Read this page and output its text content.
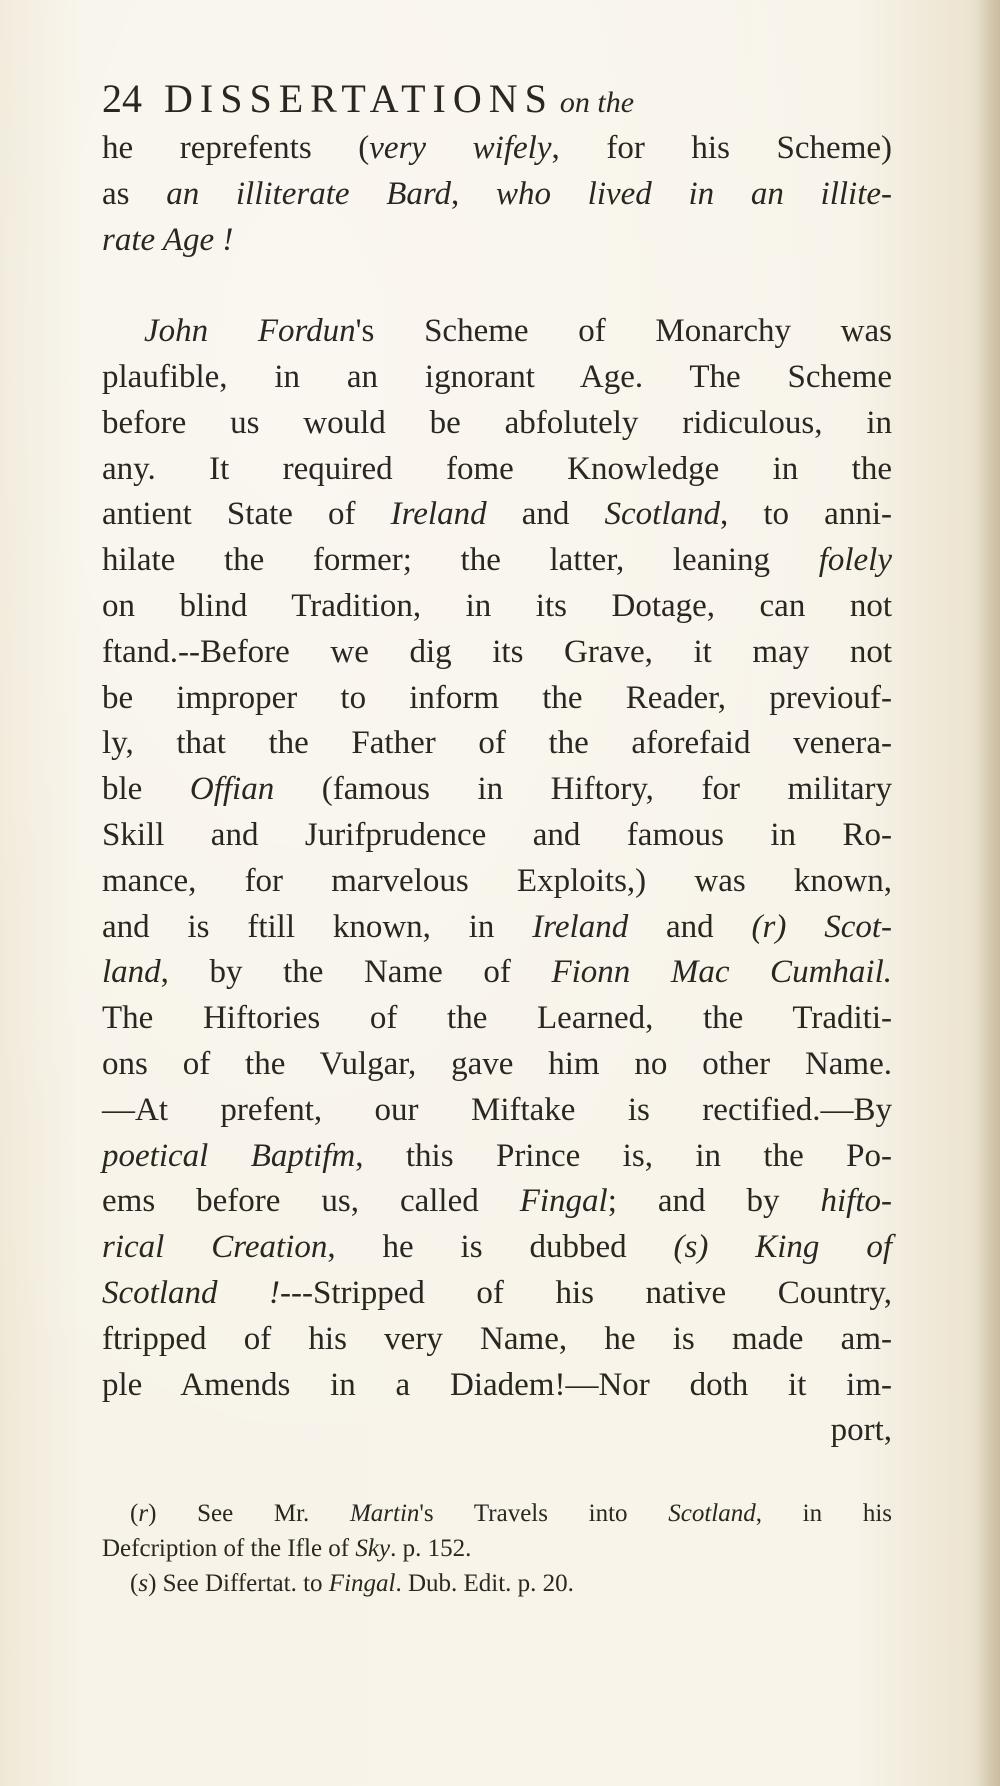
24 DISSERTATIONS on the
he reprefents (very wifely, for his Scheme)
as an illiterate Bard, who lived in an illite-
rate Age !
John Fordun's Scheme of Monarchy was
plaufible, in an ignorant Age. The Scheme
before us would be abfolutely ridiculous, in
any. It required fome Knowledge in the
antient State of Ireland and Scotland, to anni-
hilate the former; the latter, leaning folely
on blind Tradition, in its Dotage, can not
ftand.--Before we dig its Grave, it may not
be improper to inform the Reader, previouf-
ly, that the Father of the aforefaid venera-
ble Offian (famous in Hiftory, for military
Skill and Jurifprudence and famous in Ro-
mance, for marvelous Exploits,) was known,
and is ftill known, in Ireland and (r) Scot-
land, by the Name of Fionn Mac Cumhail.
The Hiftories of the Learned, the Traditi-
ons of the Vulgar, gave him no other Name.
—At prefent, our Miftake is rectified.—By
poetical Baptifm, this Prince is, in the Po-
ems before us, called Fingal; and by hifto-
rical Creation, he is dubbed (s) King of
Scotland !---Stripped of his native Country,
ftripped of his very Name, he is made am-
ple Amends in a Diadem!—Nor doth it im-
port,
(r) See Mr. Martin's Travels into Scotland, in his
Defcription of the Ifle of Sky. p. 152.
(s) See Differtat. to Fingal. Dub. Edit. p. 20.
